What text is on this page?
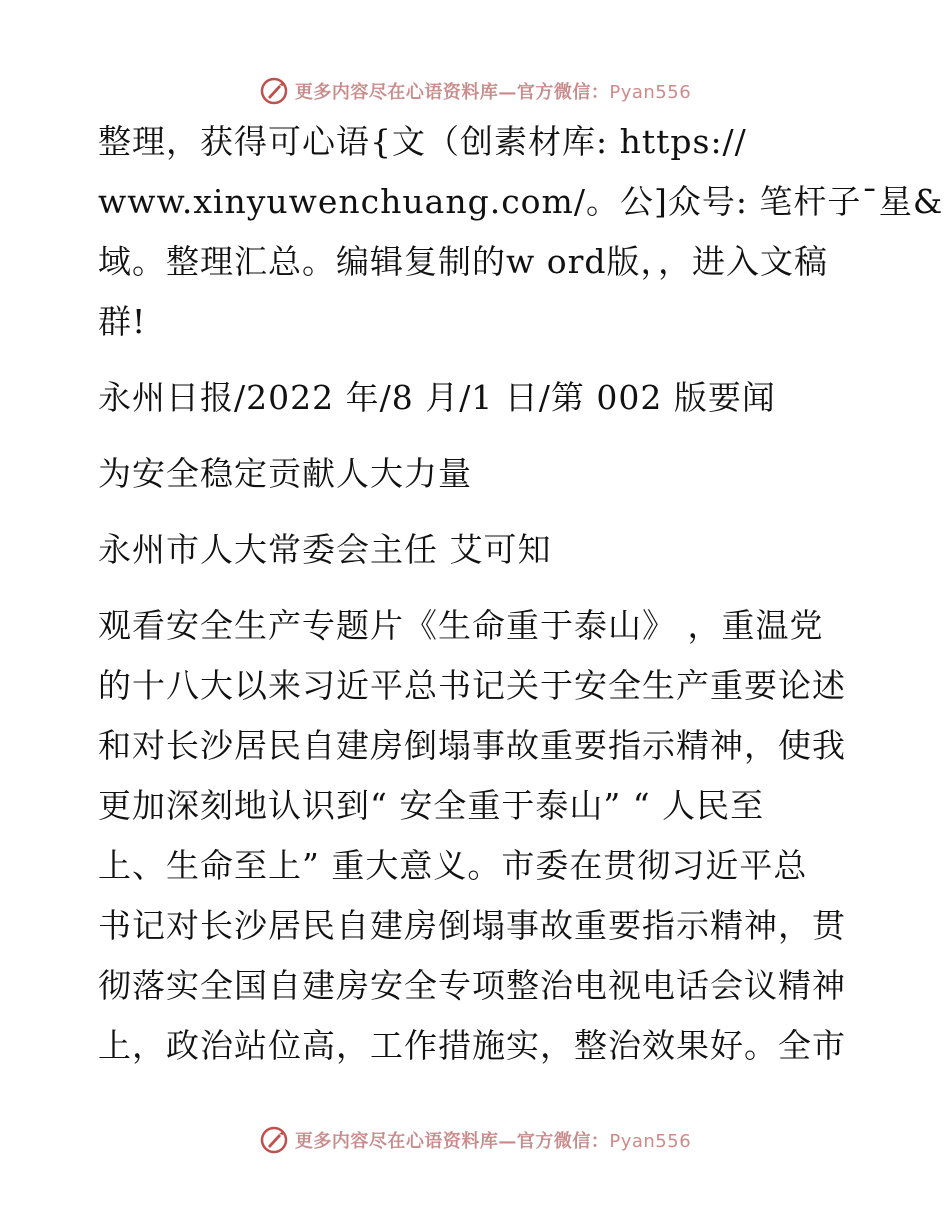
更多内容尽在心语资料库—官方微信：Pyan556

整理，获得可心语{文（创素材库: https://
www.xinyuwenchuang.com/。公]众号: 笔杆子¯星&
域。整理汇总。编辑复制的w ord版，，进入文稿
群!

永州日报/2022 年/8 月/1 日/第 002 版要闻

为安全稳定贡献人大力量

永州市人大常委会主任 艾可知

观看安全生产专题片《生命重于泰山》 ，重温党
的十八大以来习近平总书记关于安全生产重要论述
和对长沙居民自建房倒塌事故重要指示精神，使我
更加深刻地认识到“ 安全重于泰山” “ 人民至
上、生命至上” 重大意义。市委在贯彻习近平总
书记对长沙居民自建房倒塌事故重要指示精神，贯
彻落实全国自建房安全专项整治电视电话会议精神
上，政治站位高，工作措施实，整治效果好。全市

更多内容尽在心语资料库—官方微信：Pyan556
